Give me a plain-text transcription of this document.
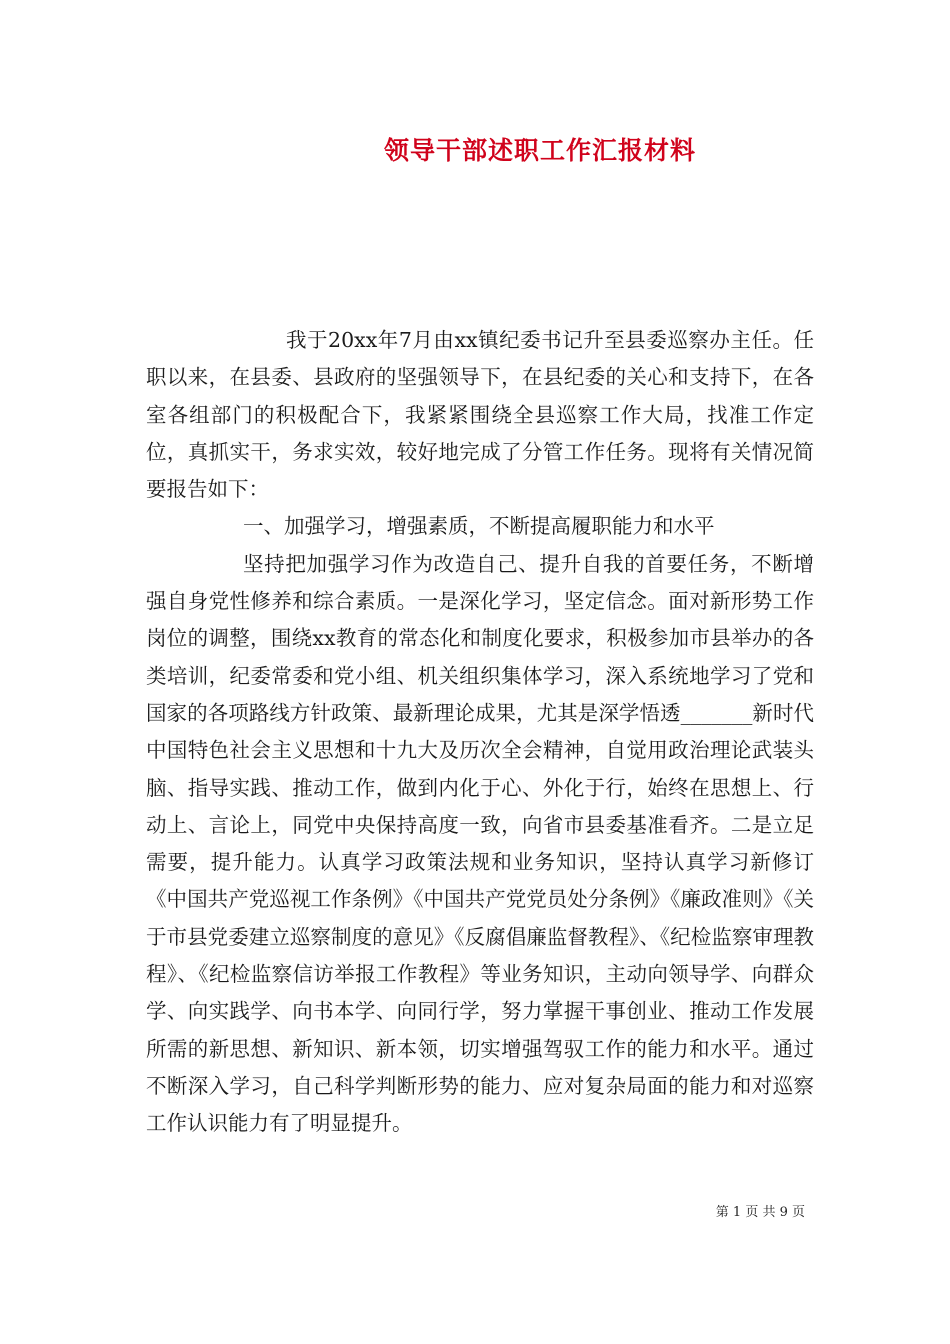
领导干部述职工作汇报材料

我于20xx年7月由xx镇纪委书记升至县委巡察办主任。任职以来，在县委、县政府的坚强领导下，在县纪委的关心和支持下，在各室各组部门的积极配合下，我紧紧围绕全县巡察工作大局，找准工作定位，真抓实干，务求实效，较好地完成了分管工作任务。现将有关情况简要报告如下：

一、加强学习，增强素质，不断提高履职能力和水平

坚持把加强学习作为改造自己、提升自我的首要任务，不断增强自身党性修养和综合素质。一是深化学习，坚定信念。面对新形势工作岗位的调整，围绕xx教育的常态化和制度化要求，积极参加市县举办的各类培训，纪委常委和党小组、机关组织集体学习，深入系统地学习了党和国家的各项路线方针政策、最新理论成果，尤其是深学悟透_______新时代中国特色社会主义思想和十九大及历次全会精神，自觉用政治理论武装头脑、指导实践、推动工作，做到内化于心、外化于行，始终在思想上、行动上、言论上，同党中央保持高度一致，向省市县委基准看齐。二是立足需要，提升能力。认真学习政策法规和业务知识，坚持认真学习新修订《中国共产党巡视工作条例》《中国共产党党员处分条例》《廉政准则》《关于市县党委建立巡察制度的意见》《反腐倡廉监督教程》、《纪检监察审理教程》、《纪检监察信访举报工作教程》等业务知识，主动向领导学、向群众学、向实践学、向书本学、向同行学，努力掌握干事创业、推动工作发展所需的新思想、新知识、新本领，切实增强驾驭工作的能力和水平。通过不断深入学习，自己科学判断形势的能力、应对复杂局面的能力和对巡察工作认识能力有了明显提升。

第 1 页 共 9 页
